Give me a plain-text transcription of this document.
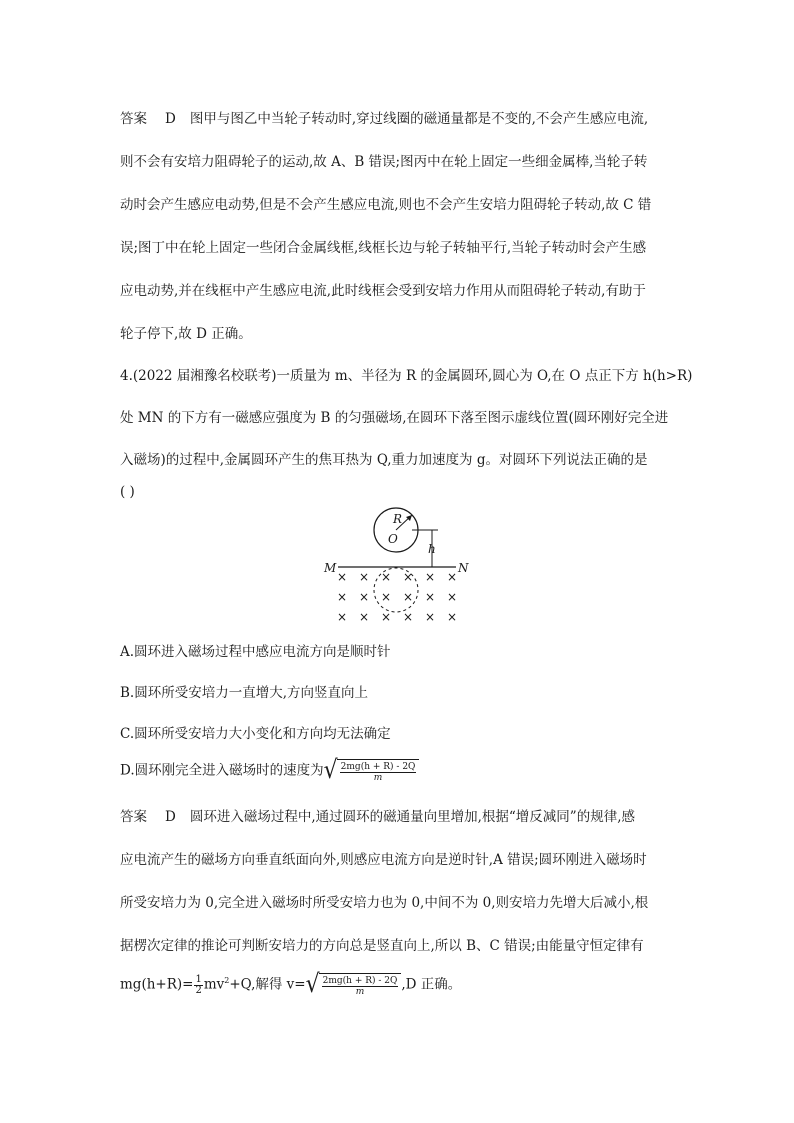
答案 D 图甲与图乙中当轮子转动时,穿过线圈的磁通量都是不变的,不会产生感应电流,
则不会有安培力阻碍轮子的运动,故 A、B 错误;图丙中在轮上固定一些细金属棒,当轮子转
动时会产生感应电动势,但是不会产生感应电流,则也不会产生安培力阻碍轮子转动,故 C 错
误;图丁中在轮上固定一些闭合金属线框,线框长边与轮子转轴平行,当轮子转动时会产生感
应电动势,并在线框中产生感应电流,此时线框会受到安培力作用从而阻碍轮子转动,有助于
轮子停下,故 D 正确。
4.(2022 届湘豫名校联考)一质量为 m、半径为 R 的金属圆环,圆心为 O,在 O 点正下方 h(h>R)
处 MN 的下方有一磁感应强度为 B 的匀强磁场,在圆环下落至图示虚线位置(圆环刚好完全进
入磁场)的过程中,金属圆环产生的焦耳热为 Q,重力加速度为 g。对圆环下列说法正确的是
( )
R
O
h
M	N
× × × × × ×
× × × × × ×
× × × × × ×
A.圆环进入磁场过程中感应电流方向是顺时针
B.圆环所受安培力一直增大,方向竖直向上
C.圆环所受安培力大小变化和方向均无法确定
D.圆环刚完全进入磁场时的速度为 √ $\frac{2mg(h + R) - 2Q}{m}$
答案 D 圆环进入磁场过程中,通过圆环的磁通量向里增加,根据“增反减同”的规律,感
应电流产生的磁场方向垂直纸面向外,则感应电流方向是逆时针,A 错误;圆环刚进入磁场时
所受安培力为 0,完全进入磁场时所受安培力也为 0,中间不为 0,则安培力先增大后减小,根
据楞次定律的推论可判断安培力的方向总是竖直向上,所以 B、C 错误;由能量守恒定律有
$mg(h+R)= \frac{1}{2} mv^2+Q$,解得 v= √ $\frac{2mg(h + R) - 2Q}{m} ,D$ 正确。
